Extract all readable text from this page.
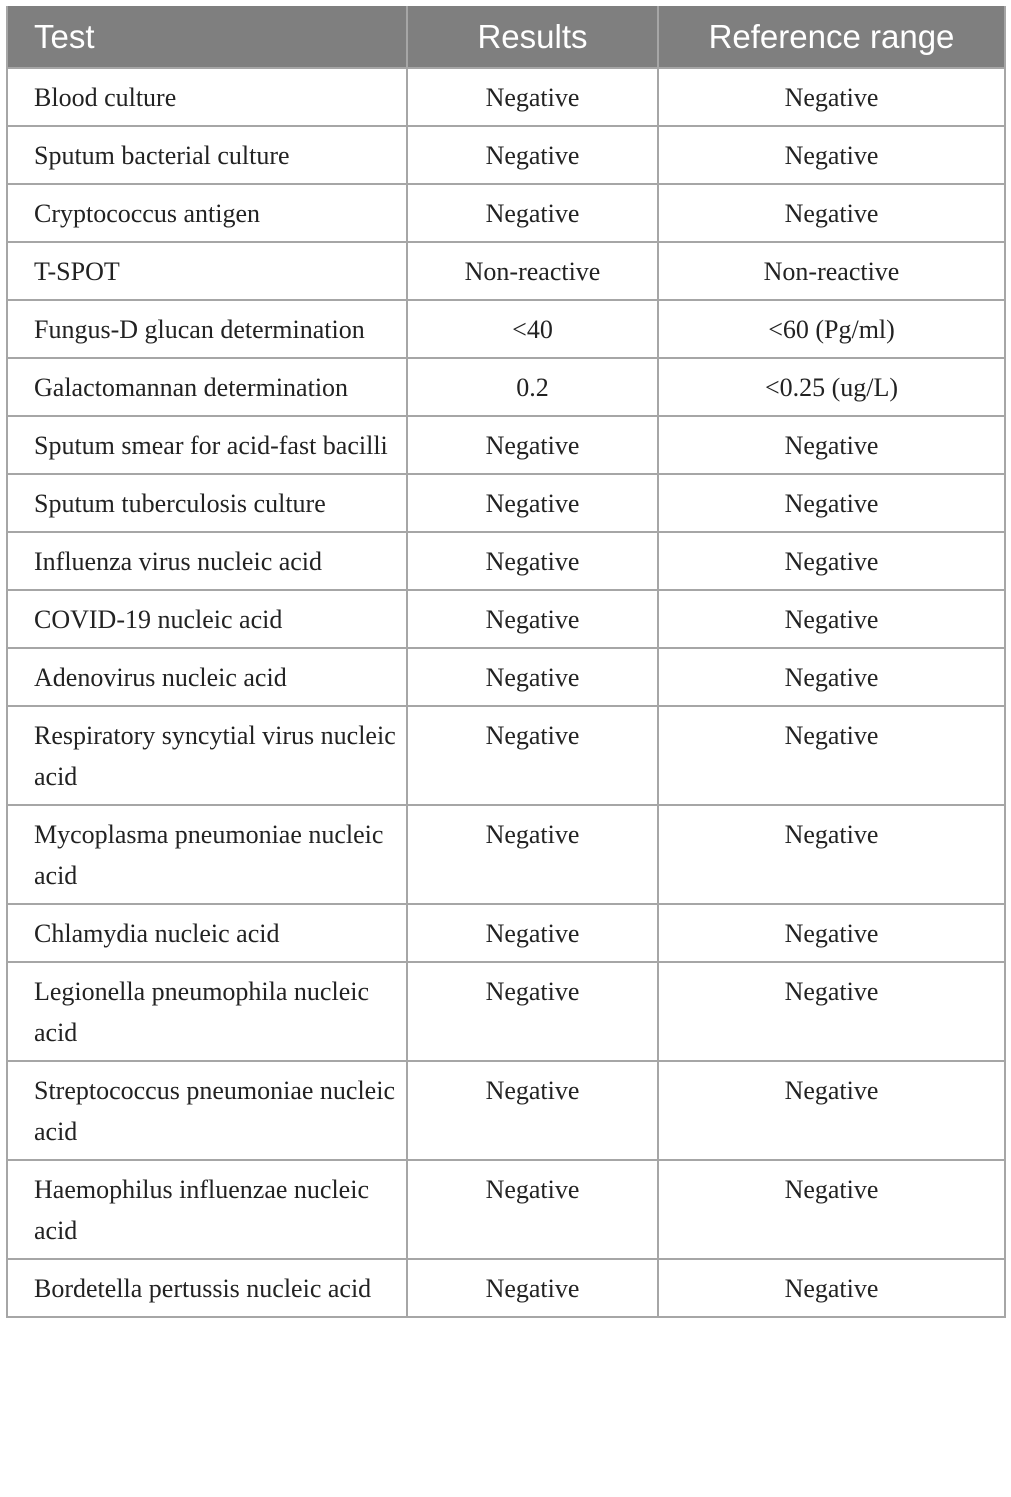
Test	Results	Reference range
Blood culture	Negative	Negative
Sputum bacterial culture	Negative	Negative
Cryptococcus antigen	Negative	Negative
T-SPOT	Non-reactive	Non-reactive
Fungus-D glucan determination	<40	<60 (Pg/ml)
Galactomannan determination	0.2	<0.25 (ug/L)
Sputum smear for acid-fast bacilli	Negative	Negative
Sputum tuberculosis culture	Negative	Negative
Influenza virus nucleic acid	Negative	Negative
COVID-19 nucleic acid	Negative	Negative
Adenovirus nucleic acid	Negative	Negative
Respiratory syncytial virus nucleic acid	Negative	Negative
Mycoplasma pneumoniae nucleic acid	Negative	Negative
Chlamydia nucleic acid	Negative	Negative
Legionella pneumophila nucleic acid	Negative	Negative
Streptococcus pneumoniae nucleic acid	Negative	Negative
Haemophilus influenzae nucleic acid	Negative	Negative
Bordetella pertussis nucleic acid	Negative	Negative
